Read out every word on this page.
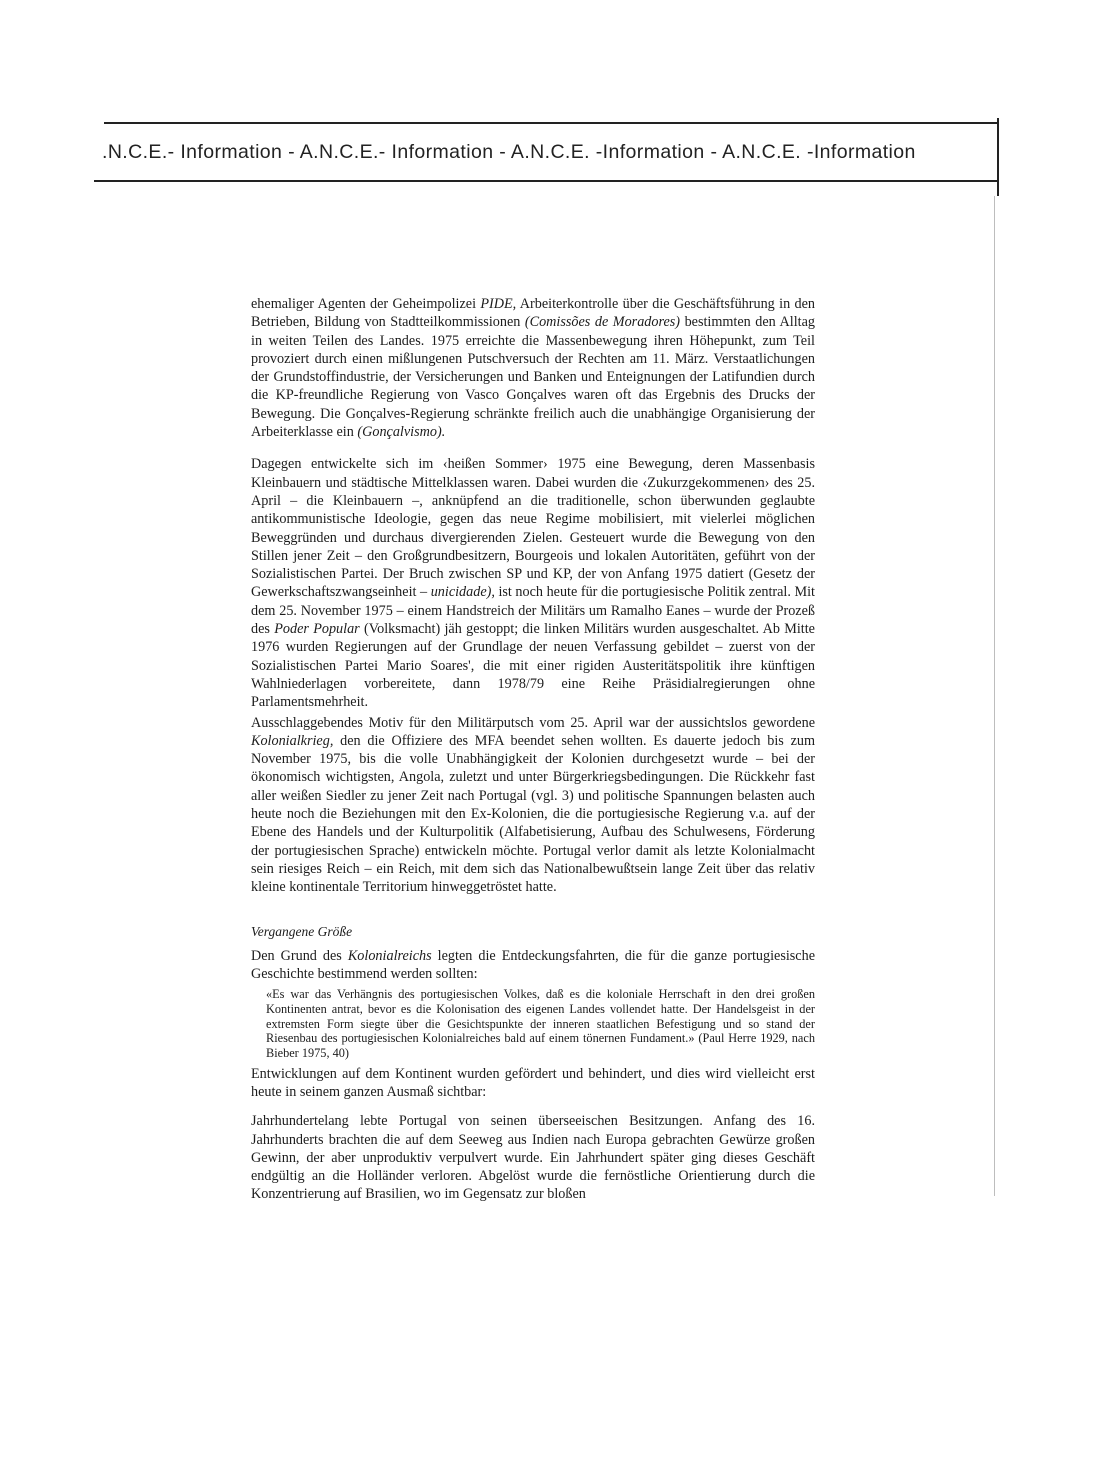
.N.C.E.- Information - A.N.C.E.- Information - A.N.C.E. -Information - A.N.C.E. -Information

ehemaliger Agenten der Geheimpolizei PIDE, Arbeiterkontrolle über die Geschäftsführung in den Betrieben, Bildung von Stadtteilkommissionen (Comissões de Moradores) bestimmten den Alltag in weiten Teilen des Landes. 1975 erreichte die Massenbewegung ihren Höhepunkt, zum Teil provoziert durch einen mißlungenen Putschversuch der Rechten am 11. März. Verstaatlichungen der Grundstoffindustrie, der Versicherungen und Banken und Enteignungen der Latifundien durch die KP-freundliche Regierung von Vasco Gonçalves waren oft das Ergebnis des Drucks der Bewegung. Die Gonçalves-Regierung schränkte freilich auch die unabhängige Organisierung der Arbeiterklasse ein (Gonçalvismo).

Dagegen entwickelte sich im ‹heißen Sommer› 1975 eine Bewegung, deren Massenbasis Kleinbauern und städtische Mittelklassen waren. Dabei wurden die ‹Zukurzgekommenen› des 25. April – die Kleinbauern –, anknüpfend an die traditionelle, schon überwunden geglaubte antikommunistische Ideologie, gegen das neue Regime mobilisiert, mit vielerlei möglichen Beweggründen und durchaus divergierenden Zielen. Gesteuert wurde die Bewegung von den Stillen jener Zeit – den Großgrundbesitzern, Bourgeois und lokalen Autoritäten, geführt von der Sozialistischen Partei. Der Bruch zwischen SP und KP, der von Anfang 1975 datiert (Gesetz der Gewerkschaftszwangseinheit – unicidade), ist noch heute für die portugiesische Politik zentral. Mit dem 25. November 1975 – einem Handstreich der Militärs um Ramalho Eanes – wurde der Prozeß des Poder Popular (Volksmacht) jäh gestoppt; die linken Militärs wurden ausgeschaltet. Ab Mitte 1976 wurden Regierungen auf der Grundlage der neuen Verfassung gebildet – zuerst von der Sozialistischen Partei Mario Soares', die mit einer rigiden Austeritätspolitik ihre künftigen Wahlniederlagen vorbereitete, dann 1978/79 eine Reihe Präsidialregierungen ohne Parlamentsmehrheit.

Ausschlaggebendes Motiv für den Militärputsch vom 25. April war der aussichtslos gewordene Kolonialkrieg, den die Offiziere des MFA beendet sehen wollten. Es dauerte jedoch bis zum November 1975, bis die volle Unabhängigkeit der Kolonien durchgesetzt wurde – bei der ökonomisch wichtigsten, Angola, zuletzt und unter Bürgerkriegsbedingungen. Die Rückkehr fast aller weißen Siedler zu jener Zeit nach Portugal (vgl. 3) und politische Spannungen belasten auch heute noch die Beziehungen mit den Ex-Kolonien, die die portugiesische Regierung v.a. auf der Ebene des Handels und der Kulturpolitik (Alfabetisierung, Aufbau des Schulwesens, Förderung der portugiesischen Sprache) entwickeln möchte. Portugal verlor damit als letzte Kolonialmacht sein riesiges Reich – ein Reich, mit dem sich das Nationalbewußtsein lange Zeit über das relativ kleine kontinentale Territorium hinweggetröstet hatte.

Vergangene Größe

Den Grund des Kolonialreichs legten die Entdeckungsfahrten, die für die ganze portugiesische Geschichte bestimmend werden sollten:

«Es war das Verhängnis des portugiesischen Volkes, daß es die koloniale Herrschaft in den drei großen Kontinenten antrat, bevor es die Kolonisation des eigenen Landes vollendet hatte. Der Handelsgeist in der extremsten Form siegte über die Gesichtspunkte der inneren staatlichen Befestigung und so stand der Riesenbau des portugiesischen Kolonialreiches bald auf einem tönernen Fundament.» (Paul Herre 1929, nach Bieber 1975, 40)

Entwicklungen auf dem Kontinent wurden gefördert und behindert, und dies wird vielleicht erst heute in seinem ganzen Ausmaß sichtbar:

Jahrhundertelang lebte Portugal von seinen überseeischen Besitzungen. Anfang des 16. Jahrhunderts brachten die auf dem Seeweg aus Indien nach Europa gebrachten Gewürze großen Gewinn, der aber unproduktiv verpulvert wurde. Ein Jahrhundert später ging dieses Geschäft endgültig an die Holländer verloren. Abgelöst wurde die fernöstliche Orientierung durch die Konzentrierung auf Brasilien, wo im Gegensatz zur bloßen
